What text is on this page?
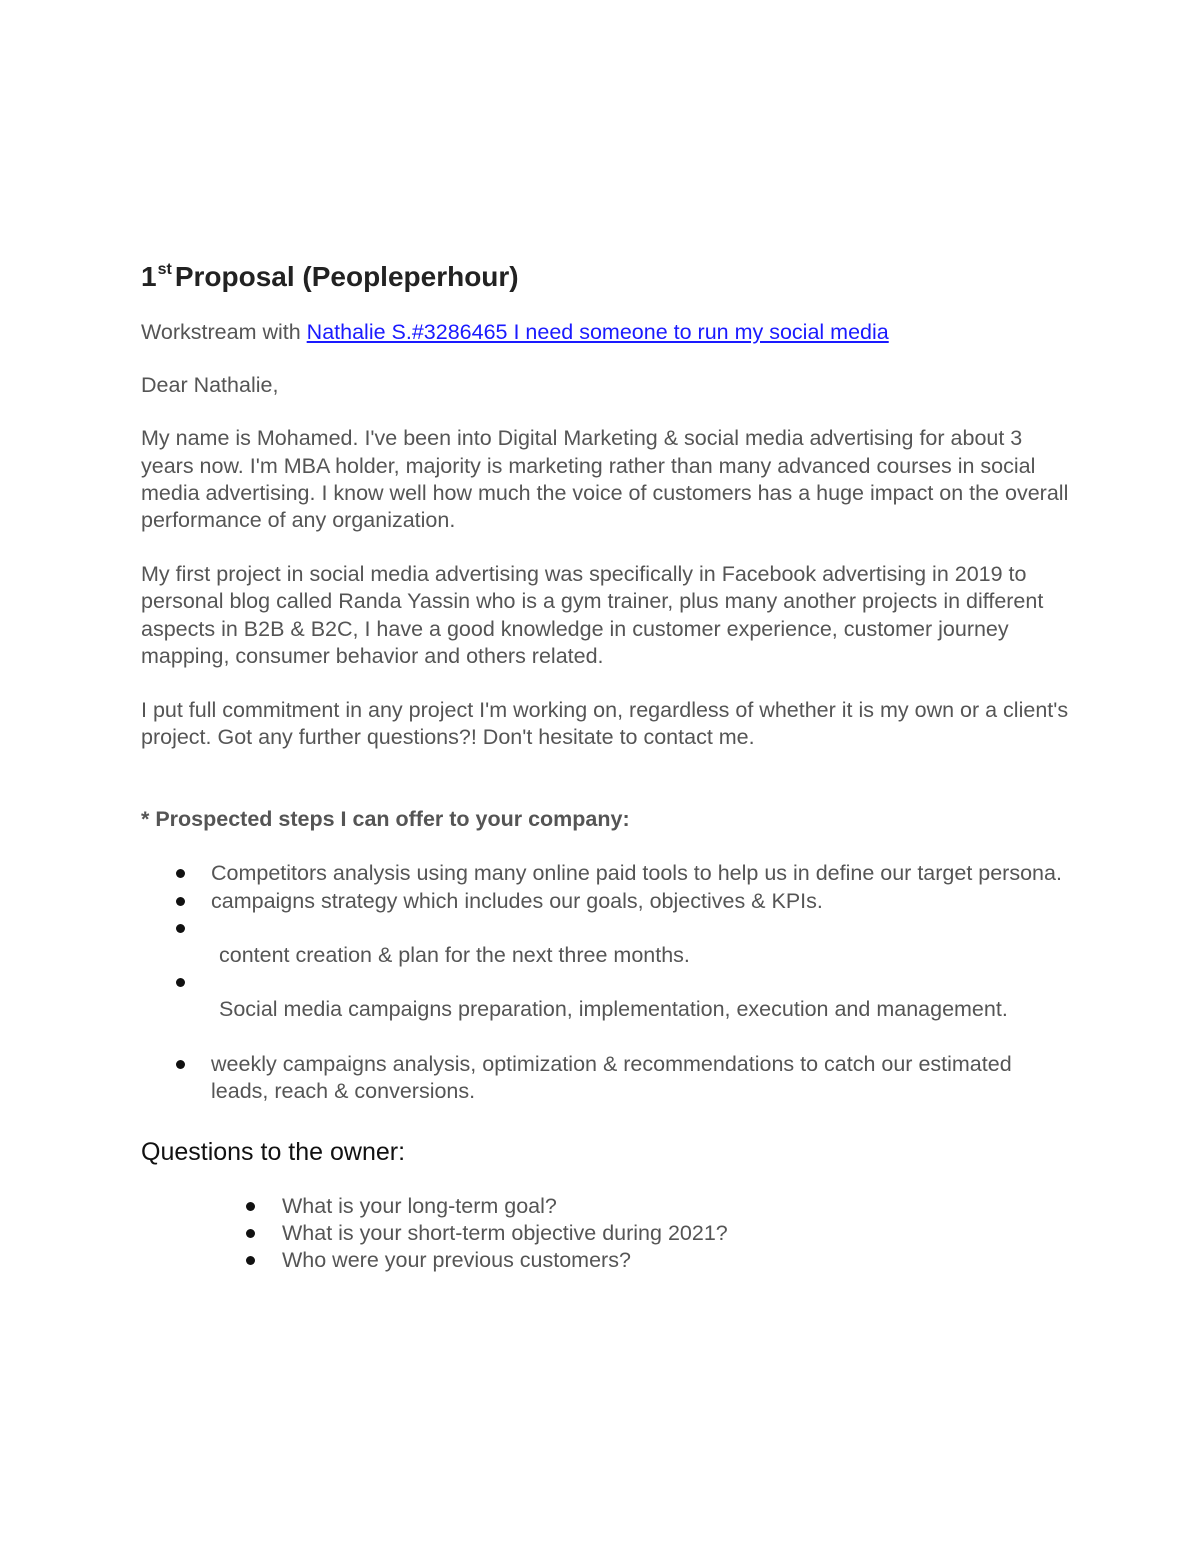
1st Proposal (Peopleperhour)

Workstream with Nathalie S.#3286465 I need someone to run my social media

Dear Nathalie,

My name is Mohamed. I've been into Digital Marketing & social media advertising for about 3 years now. I'm MBA holder, majority is marketing rather than many advanced courses in social media advertising. I know well how much the voice of customers has a huge impact on the overall performance of any organization.

My first project in social media advertising was specifically in Facebook advertising in 2019 to personal blog called Randa Yassin who is a gym trainer, plus many another projects in different aspects in B2B & B2C, I have a good knowledge in customer experience, customer journey mapping, consumer behavior and others related.

I put full commitment in any project I'm working on, regardless of whether it is my own or a client's project. Got any further questions?! Don't hesitate to contact me.

* Prospected steps I can offer to your company:

Competitors analysis using many online paid tools to help us in define our target persona.
campaigns strategy which includes our goals, objectives & KPIs.
content creation & plan for the next three months.
Social media campaigns preparation, implementation, execution and management.
weekly campaigns analysis, optimization & recommendations to catch our estimated leads, reach & conversions.
Questions to the owner:
What is your long-term goal?
What is your short-term objective during 2021?
Who were your previous customers?
